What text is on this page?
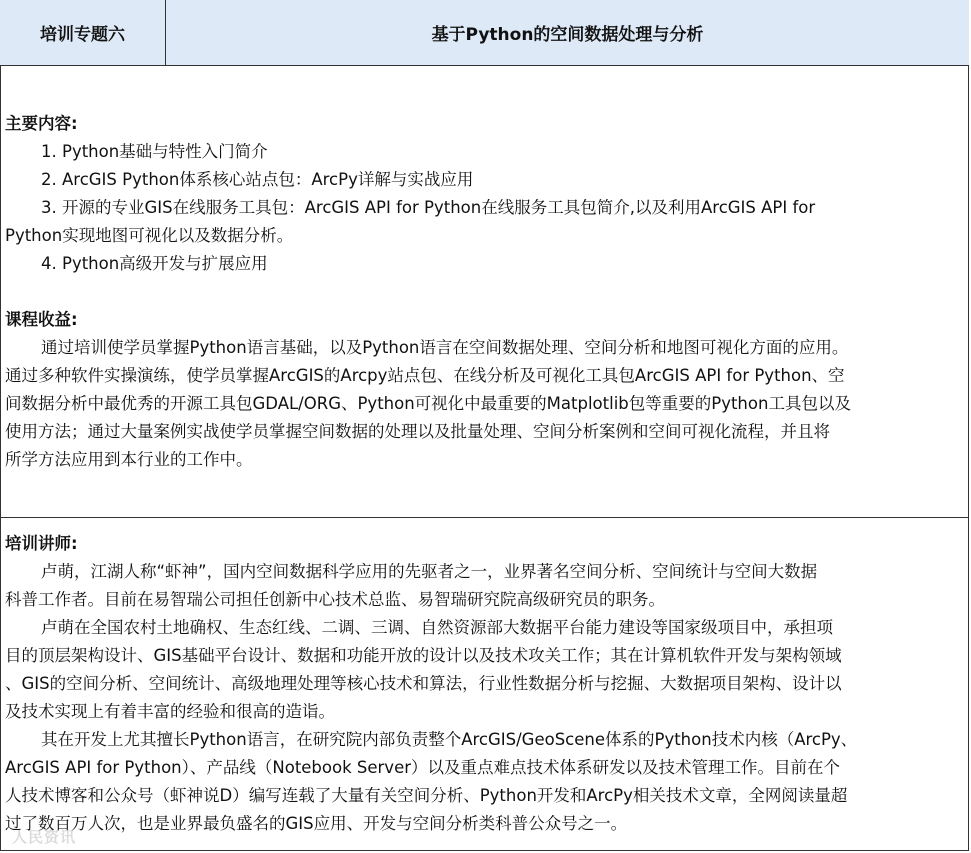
培训专题六	基于Python的空间数据处理与分析
主要内容:
1. Python基础与特性入门简介
2. ArcGIS Python体系核心站点包：ArcPy详解与实战应用
3. 开源的专业GIS在线服务工具包：ArcGIS API for Python在线服务工具包简介,以及利用ArcGIS API for
Python实现地图可视化以及数据分析。
4. Python高级开发与扩展应用
课程收益:
通过培训使学员掌握Python语言基础，以及Python语言在空间数据处理、空间分析和地图可视化方面的应用。
通过多种软件实操演练，使学员掌握ArcGIS的Arcpy站点包、在线分析及可视化工具包ArcGIS API for Python、空
间数据分析中最优秀的开源工具包GDAL/ORG、Python可视化中最重要的Matplotlib包等重要的Python工具包以及
使用方法；通过大量案例实战使学员掌握空间数据的处理以及批量处理、空间分析案例和空间可视化流程，并且将
所学方法应用到本行业的工作中。
培训讲师:
卢萌，江湖人称“虾神”，国内空间数据科学应用的先驱者之一，业界著名空间分析、空间统计与空间大数据
科普工作者。目前在易智瑞公司担任创新中心技术总监、易智瑞研究院高级研究员的职务。
卢萌在全国农村土地确权、生态红线、二调、三调、自然资源部大数据平台能力建设等国家级项目中，承担项
目的顶层架构设计、GIS基础平台设计、数据和功能开放的设计以及技术攻关工作；其在计算机软件开发与架构领域
、GIS的空间分析、空间统计、高级地理处理等核心技术和算法，行业性数据分析与挖掘、大数据项目架构、设计以
及技术实现上有着丰富的经验和很高的造诣。
其在开发上尤其擅长Python语言，在研究院内部负责整个ArcGIS/GeoScene体系的Python技术内核（ArcPy、
ArcGIS API for Python）、产品线（Notebook Server）以及重点难点技术体系研发以及技术管理工作。目前在个
人技术博客和公众号（虾神说D）编写连载了大量有关空间分析、Python开发和ArcPy相关技术文章，全网阅读量超
过了数百万人次，也是业界最负盛名的GIS应用、开发与空间分析类科普公众号之一。
人民资讯
